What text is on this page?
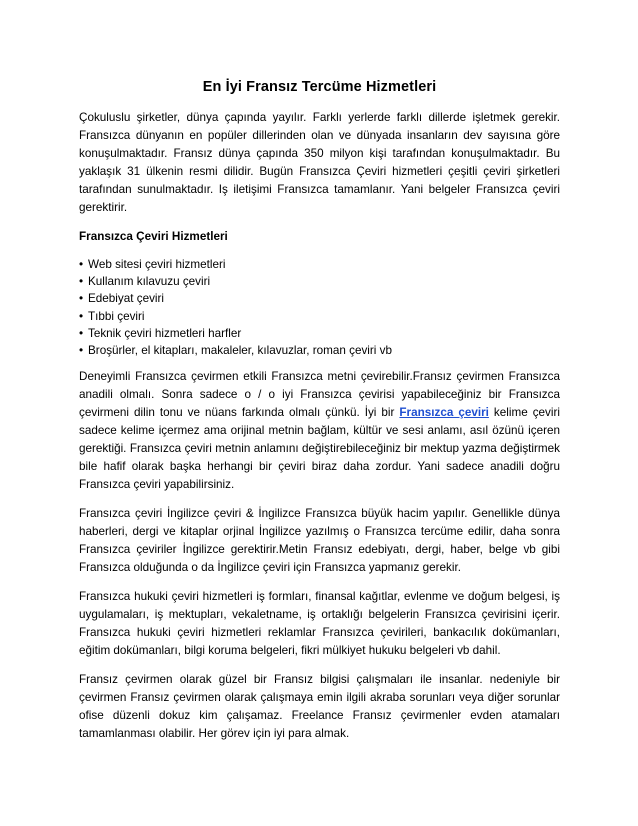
En İyi Fransız Tercüme Hizmetleri

Çokuluslu şirketler, dünya çapında yayılır. Farklı yerlerde farklı dillerde işletmek gerekir. Fransızca dünyanın en popüler dillerinden olan ve dünyada insanların dev sayısına göre konuşulmaktadır. Fransız dünya çapında 350 milyon kişi tarafından konuşulmaktadır. Bu yaklaşık 31 ülkenin resmi dilidir. Bugün Fransızca Çeviri hizmetleri çeşitli çeviri şirketleri tarafından sunulmaktadır. Iş iletişimi Fransızca tamamlanır. Yani belgeler Fransızca çeviri gerektirir.

Fransızca Çeviri Hizmetleri
• Web sitesi çeviri hizmetleri
• Kullanım kılavuzu çeviri
• Edebiyat çeviri
• Tıbbi çeviri
• Teknik çeviri hizmetleri harfler
• Broşürler, el kitapları, makaleler, kılavuzlar, roman çeviri vb

Deneyimli Fransızca çevirmen etkili Fransızca metni çevirebilir.Fransız çevirmen Fransızca anadili olmalı. Sonra sadece o / o iyi Fransızca çevirisi yapabileceğiniz bir Fransızca çevirmeni dilin tonu ve nüans farkında olmalı çünkü. İyi bir Fransızca çeviri kelime çeviri sadece kelime içermez ama orijinal metnin bağlam, kültür ve sesi anlamı, asıl özünü içeren gerektiği. Fransızca çeviri metnin anlamını değiştirebileceğiniz bir mektup yazma değiştirmek bile hafif olarak başka herhangi bir çeviri biraz daha zordur. Yani sadece anadili doğru Fransızca çeviri yapabilirsiniz.

Fransızca çeviri İngilizce çeviri & İngilizce Fransızca büyük hacim yapılır. Genellikle dünya haberleri, dergi ve kitaplar orjinal İngilizce yazılmış o Fransızca tercüme edilir, daha sonra Fransızca çeviriler İngilizce gerektirir.Metin Fransız edebiyatı, dergi, haber, belge vb gibi Fransızca olduğunda o da İngilizce çeviri için Fransızca yapmanız gerekir.

Fransızca hukuki çeviri hizmetleri iş formları, finansal kağıtlar, evlenme ve doğum belgesi, iş uygulamaları, iş mektupları, vekaletname, iş ortaklığı belgelerin Fransızca çevirisini içerir. Fransızca hukuki çeviri hizmetleri reklamlar Fransızca çevirileri, bankacılık dokümanları, eğitim dokümanları, bilgi koruma belgeleri, fikri mülkiyet hukuku belgeleri vb dahil.

Fransız çevirmen olarak güzel bir Fransız bilgisi çalışmaları ile insanlar. nedeniyle bir çevirmen Fransız çevirmen olarak çalışmaya emin ilgili akraba sorunları veya diğer sorunlar ofise düzenli dokuz kim çalışamaz. Freelance Fransız çevirmenler evden atamaları tamamlanması olabilir. Her görev için iyi para almak.
